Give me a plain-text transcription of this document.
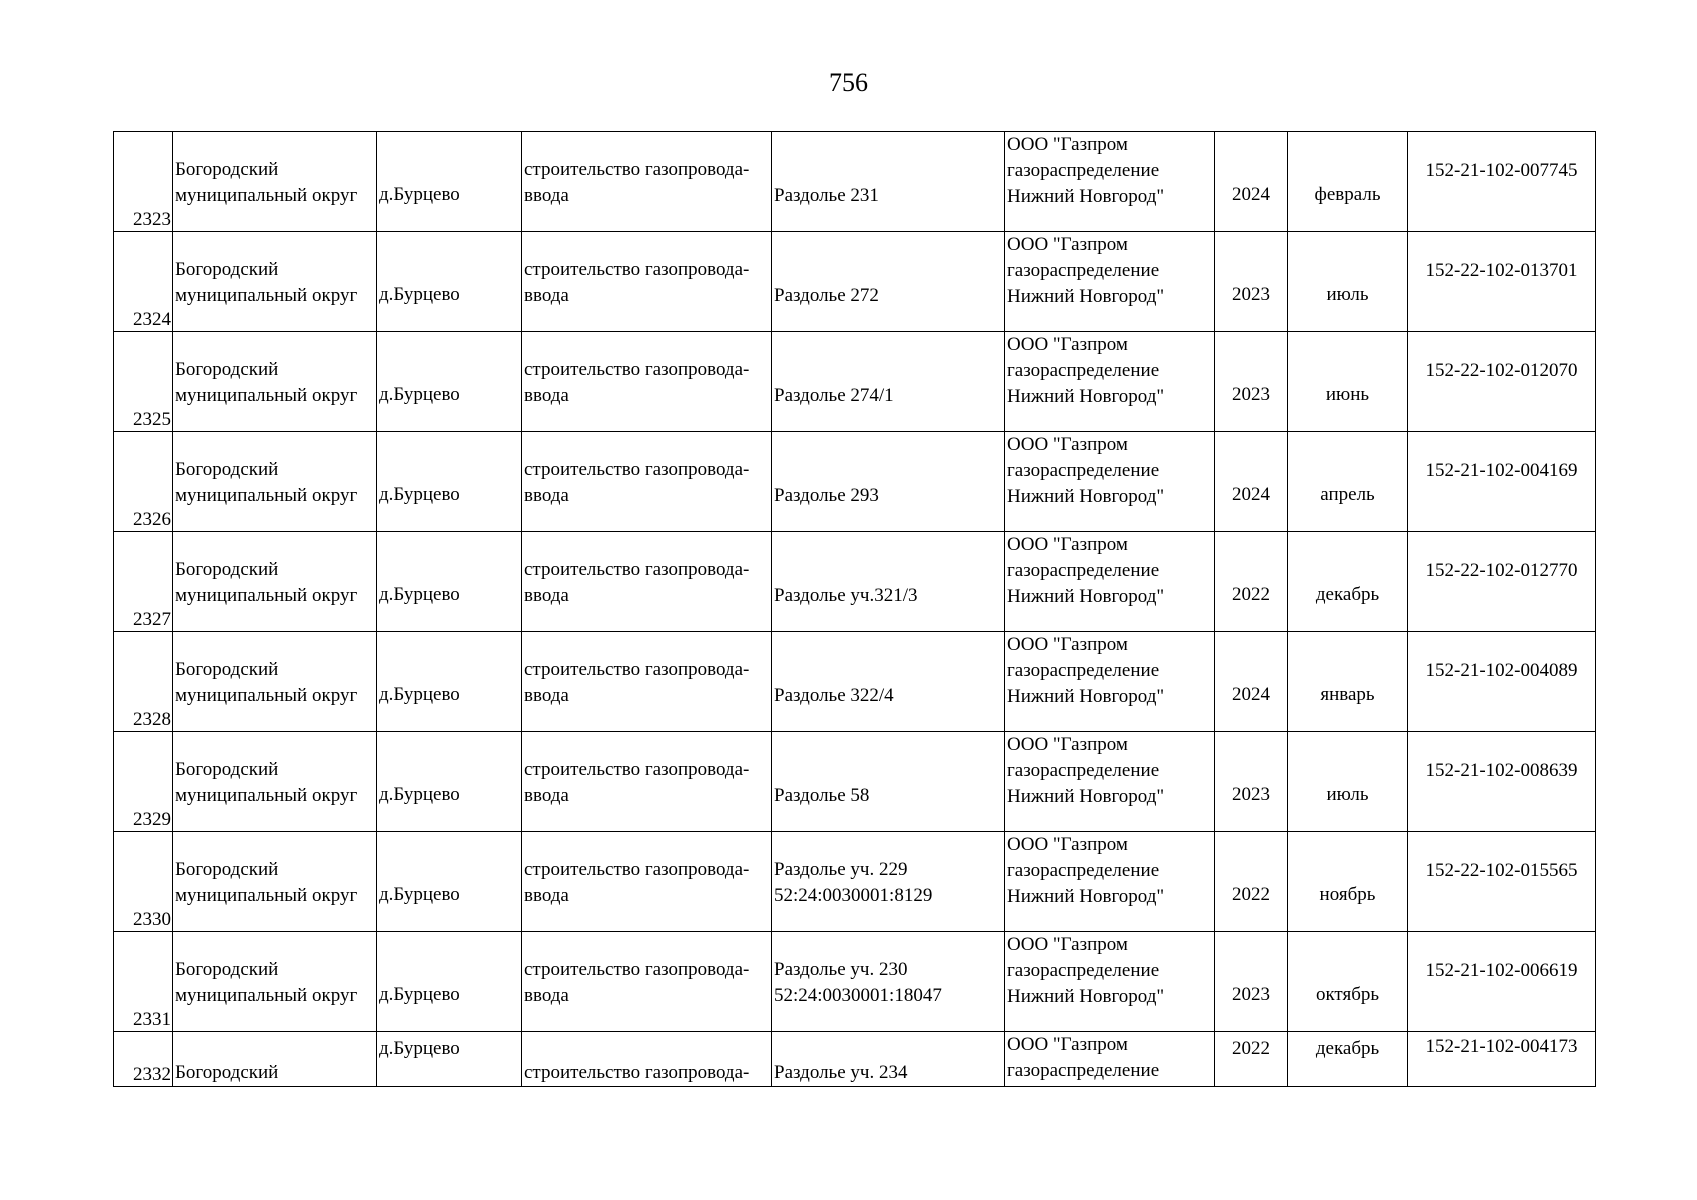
756
2323	Богородский
муниципальный округ	д.Бурцево	строительство газопровода-
ввода	Раздолье 231	ООО "Газпром
газораспределение
Нижний Новгород"	2024	февраль	152-21-102-007745
2324	Богородский
муниципальный округ	д.Бурцево	строительство газопровода-
ввода	Раздолье 272	ООО "Газпром
газораспределение
Нижний Новгород"	2023	июль	152-22-102-013701
2325	Богородский
муниципальный округ	д.Бурцево	строительство газопровода-
ввода	Раздолье 274/1	ООО "Газпром
газораспределение
Нижний Новгород"	2023	июнь	152-22-102-012070
2326	Богородский
муниципальный округ	д.Бурцево	строительство газопровода-
ввода	Раздолье 293	ООО "Газпром
газораспределение
Нижний Новгород"	2024	апрель	152-21-102-004169
2327	Богородский
муниципальный округ	д.Бурцево	строительство газопровода-
ввода	Раздолье уч.321/3	ООО "Газпром
газораспределение
Нижний Новгород"	2022	декабрь	152-22-102-012770
2328	Богородский
муниципальный округ	д.Бурцево	строительство газопровода-
ввода	Раздолье 322/4	ООО "Газпром
газораспределение
Нижний Новгород"	2024	январь	152-21-102-004089
2329	Богородский
муниципальный округ	д.Бурцево	строительство газопровода-
ввода	Раздолье 58	ООО "Газпром
газораспределение
Нижний Новгород"	2023	июль	152-21-102-008639
2330	Богородский
муниципальный округ	д.Бурцево	строительство газопровода-
ввода	Раздолье уч. 229
52:24:0030001:8129	ООО "Газпром
газораспределение
Нижний Новгород"	2022	ноябрь	152-22-102-015565
2331	Богородский
муниципальный округ	д.Бурцево	строительство газопровода-
ввода	Раздолье уч. 230
52:24:0030001:18047	ООО "Газпром
газораспределение
Нижний Новгород"	2023	октябрь	152-21-102-006619
2332	Богородский	д.Бурцево	строительство газопровода-	Раздолье уч. 234	ООО "Газпром
газораспределение	2022	декабрь	152-21-102-004173
